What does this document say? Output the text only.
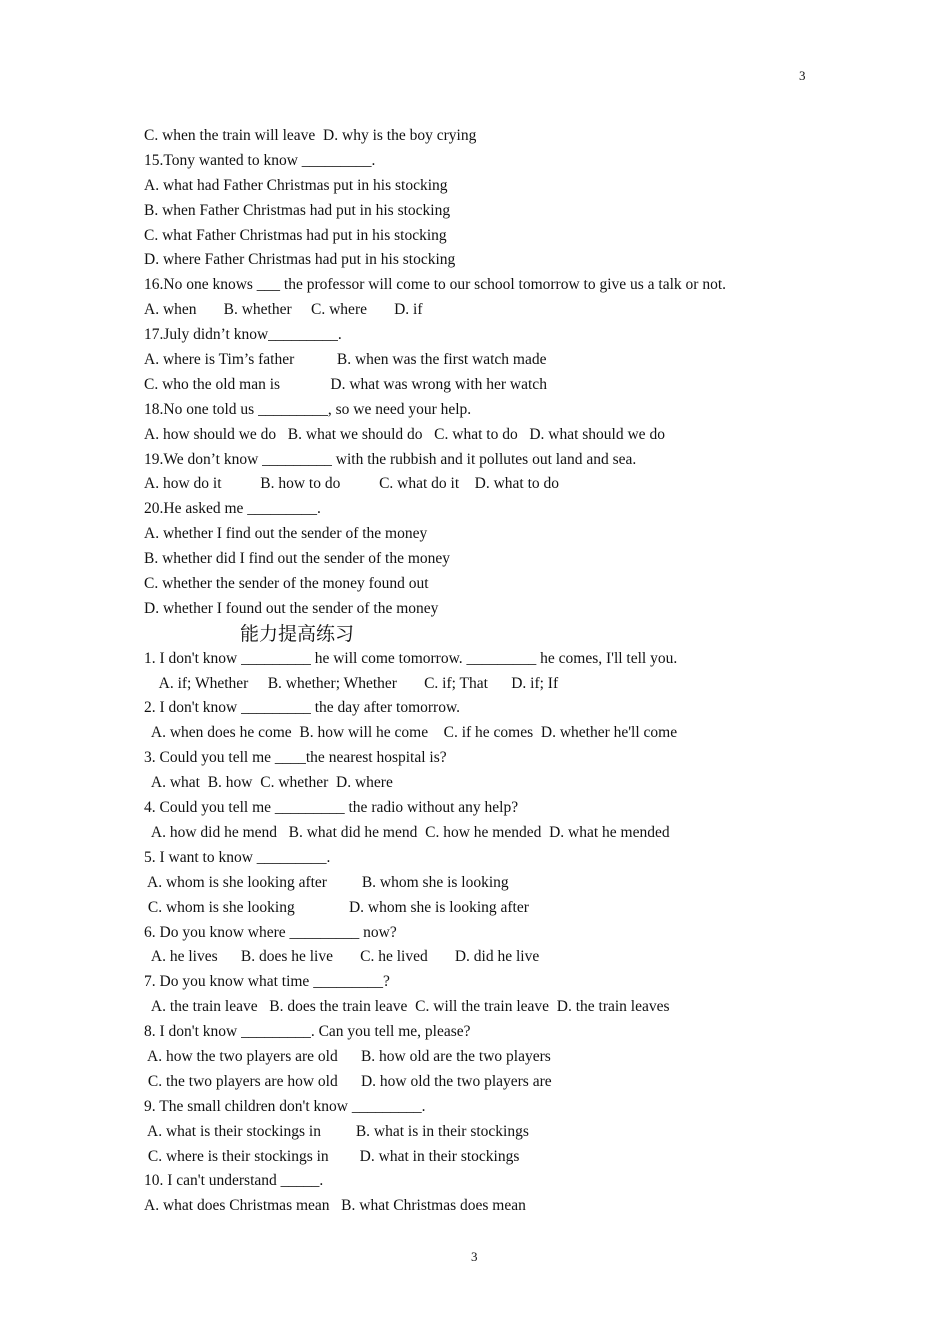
3
C. when the train will leave  D. why is the boy crying
15.Tony wanted to know _________.
A. what had Father Christmas put in his stocking
B. when Father Christmas had put in his stocking
C. what Father Christmas had put in his stocking
D. where Father Christmas had put in his stocking
16.No one knows ___ the professor will come to our school tomorrow to give us a talk or not.
A. when       B. whether     C. where       D. if
17.July didn’t know_________.
A. where is Tim’s father           B. when was the first watch made
C. who the old man is             D. what was wrong with her watch
18.No one told us _________, so we need your help.
A. how should we do   B. what we should do   C. what to do   D. what should we do
19.We don’t know _________ with the rubbish and it pollutes out land and sea.
A. how do it          B. how to do          C. what do it    D. what to do
20.He asked me _________.
A. whether I find out the sender of the money
B. whether did I find out the sender of the money
C. whether the sender of the money found out
D. whether I found out the sender of the money
能力提高练习
1. I don't know _________ he will come tomorrow. _________ he comes, I'll tell you.
A. if; Whether     B. whether; Whether       C. if; That      D. if; If
2. I don't know _________ the day after tomorrow.
A. when does he come  B. how will he come    C. if he comes  D. whether he'll come
3. Could you tell me ____the nearest hospital is?
A. what  B. how  C. whether  D. where
4. Could you tell me _________ the radio without any help?
A. how did he mend   B. what did he mend  C. how he mended  D. what he mended
5. I want to know _________.
A. whom is she looking after         B. whom she is looking
C. whom is she looking              D. whom she is looking after
6. Do you know where _________ now?
A. he lives      B. does he live       C. he lived       D. did he live
7. Do you know what time _________?
A. the train leave   B. does the train leave  C. will the train leave  D. the train leaves
8. I don't know _________. Can you tell me, please?
A. how the two players are old      B. how old are the two players
C. the two players are how old      D. how old the two players are
9. The small children don't know _________.
A. what is their stockings in         B. what is in their stockings
C. where is their stockings in        D. what in their stockings
10. I can't understand _____.
A. what does Christmas mean   B. what Christmas does mean
3
